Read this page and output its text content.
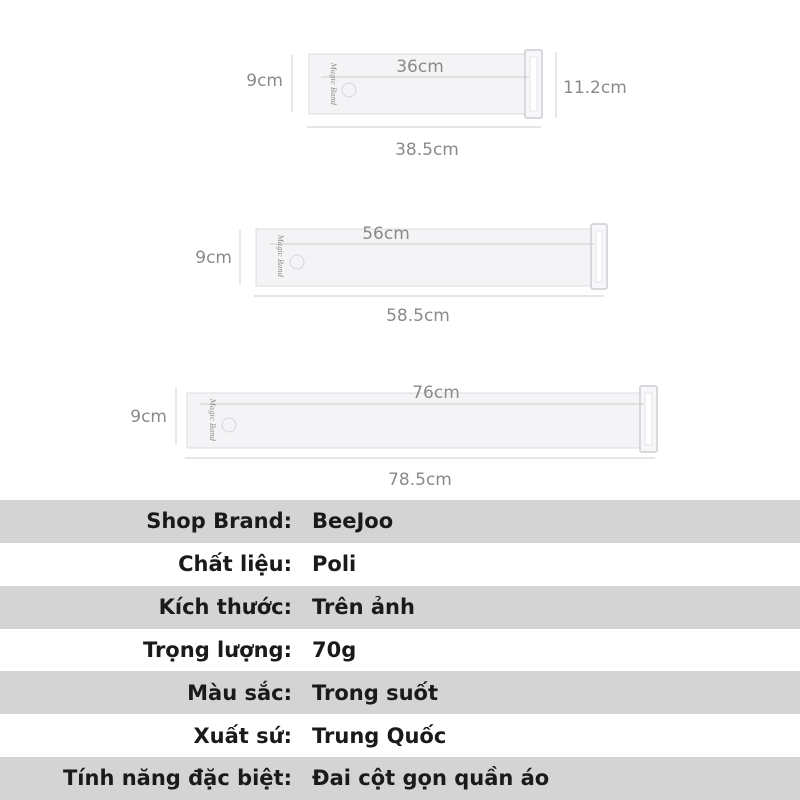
9cm
36cm
Magic Band	11.2cm
38.5cm
9cm
56cm
Magic Band
58.5cm
9cm
76cm
Magic Band
78.5cm
Shop Brand: BeeJoo
Chất liệu: Poli
Kích thước: Trên ảnh
Trọng lượng: 70g
Màu sắc: Trong suốt
Xuất sứ: Trung Quốc
Tính năng đặc biệt: Đai cột gọn quần áo
